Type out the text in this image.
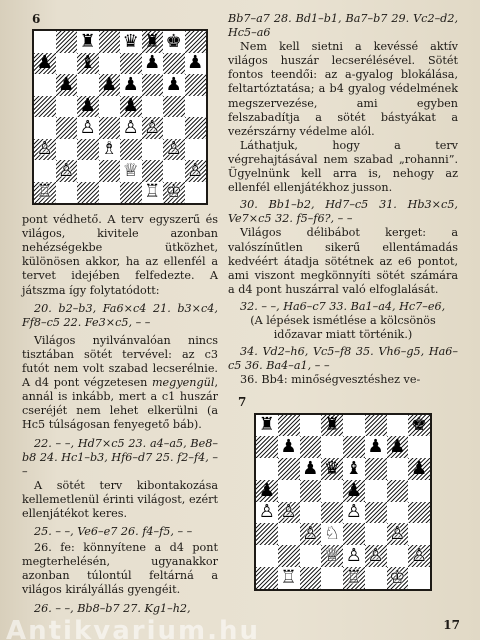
6
♜ ♛ ♜ ♚
♟ ♝	♟ ♟
♟ ♟ ♟ ♟
♟ ♟
♙ ♙ ♙
♙	♗	♙
♙	♕	♙
♖	♖ ♔

pont védhető. A terv egyszerű és világos, kivitele azonban nehézségekbe ütközhet, különösen akkor, ha az ellenfél a tervet idejében felfedezte. A játszma így folytatódott:

20. b2–b3, Fa6×c4 21. b3×c4, Ff8–c5 22. Fe3×c5, – –

Világos nyilvánvalóan nincs tisztában sötét tervével: az c3 futót nem volt szabad lecserélnie. A d4 pont végzetesen megyengül, annál is inkább, mert a c1 huszár cseréjét nem lehet elkerülni (a Hc5 túlságosan fenyegető báb).

22. – –, Hd7×c5 23. a4–a5, Be8–b8 24. Hc1–b3, Hf6–d7 25. f2–f4, – –

A sötét terv kibontakozása kellemetlenül érinti világost, ezért ellenjátékot keres.

25. – –, Ve6–e7 26. f4–f5, – –

26. fe: könnyítene a d4 pont megterhelésén, ugyanakkor azonban túlontúl feltárná a világos királyállás gyengéit.

26. – –, Bb8–b7 27. Kg1–h2,

Bb7–a7 28. Bd1–b1, Ba7–b7 29. Vc2–d2, Hc5–a6

Nem kell sietni a kevéssé aktív világos huszár lecserélésével. Sötét fontos teendői: az a-gyalog blokálása, feltartóztatása; a b4 gyalog védelmének megszervezése, ami egyben felszabadítja a sötét bástyákat a vezérszárny védelme alól.

Láthatjuk, hogy a terv végrehajtásával nem szabad „rohanni”. Ügyelnünk kell arra is, nehogy az ellenfél ellenjátékhoz jusson.

30. Bb1–b2, Hd7–c5 31. Hb3×c5, Ve7×c5 32. f5–f6?, – –

Világos délibábot kerget: a valószínűtlen sikerű ellentámadás kedvéért átadja sötétnek az e6 pontot, ami viszont megkönnyíti sötét számára a d4 pont huszárral való elfoglalását.

32. – –, Ha6–c7 33. Ba1–a4, Hc7–e6,

(A lépések ismétlése a kölcsönös időzavar miatt történik.)

34. Vd2–h6, Vc5–f8 35. Vh6–g5, Ha6–c5 36. Ba4–a1, – –

36. Bb4: minőségvesztéshez ve-

7
♜	♜	♚
♟	♟ ♟
♟ ♛ ♝	♟
♟	♟
♙ ♙	♙
♙ ♘	♙
♕ ♙ ♙ ♙
♖	♖ ♔
17
Antikvarium.hu
